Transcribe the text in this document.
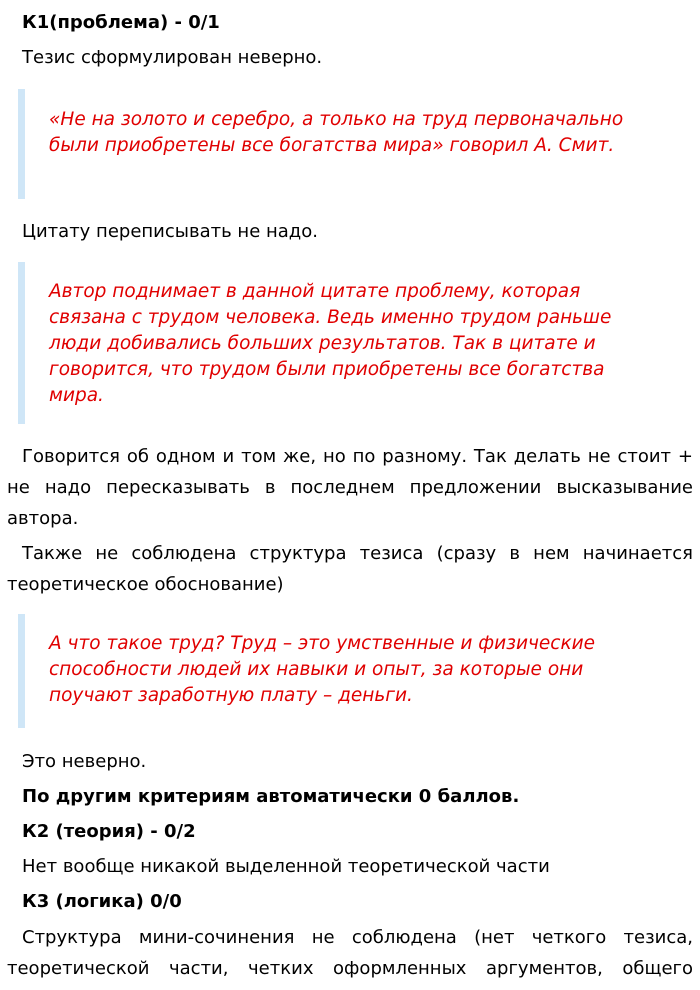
К1(проблема) - 0/1
Тезис сформулирован неверно.
«Не на золото и серебро, а только на труд первоначально были приобретены все богатства мира» говорил А. Смит.
Цитату переписывать не надо.
Автор поднимает в данной цитате проблему, которая связана с трудом человека. Ведь именно трудом раньше люди добивались больших результатов. Так в цитате и говорится, что трудом были приобретены все богатства мира.
Говорится об одном и том же, но по разному. Так делать не стоит + не надо пересказывать в последнем предложении высказывание автора.
Также не соблюдена структура тезиса (сразу в нем начинается теоретическое обоснование)
А что такое труд? Труд – это умственные и физические способности людей их навыки и опыт, за которые они поучают заработную плату – деньги.
Это неверно.
По другим критериям автоматически 0 баллов.
К2 (теория) - 0/2
Нет вообще никакой выделенной теоретической части
К3 (логика) 0/0
Структура мини-сочинения не соблюдена (нет четкого тезиса, теоретической части, четких оформленных аргументов, общего
